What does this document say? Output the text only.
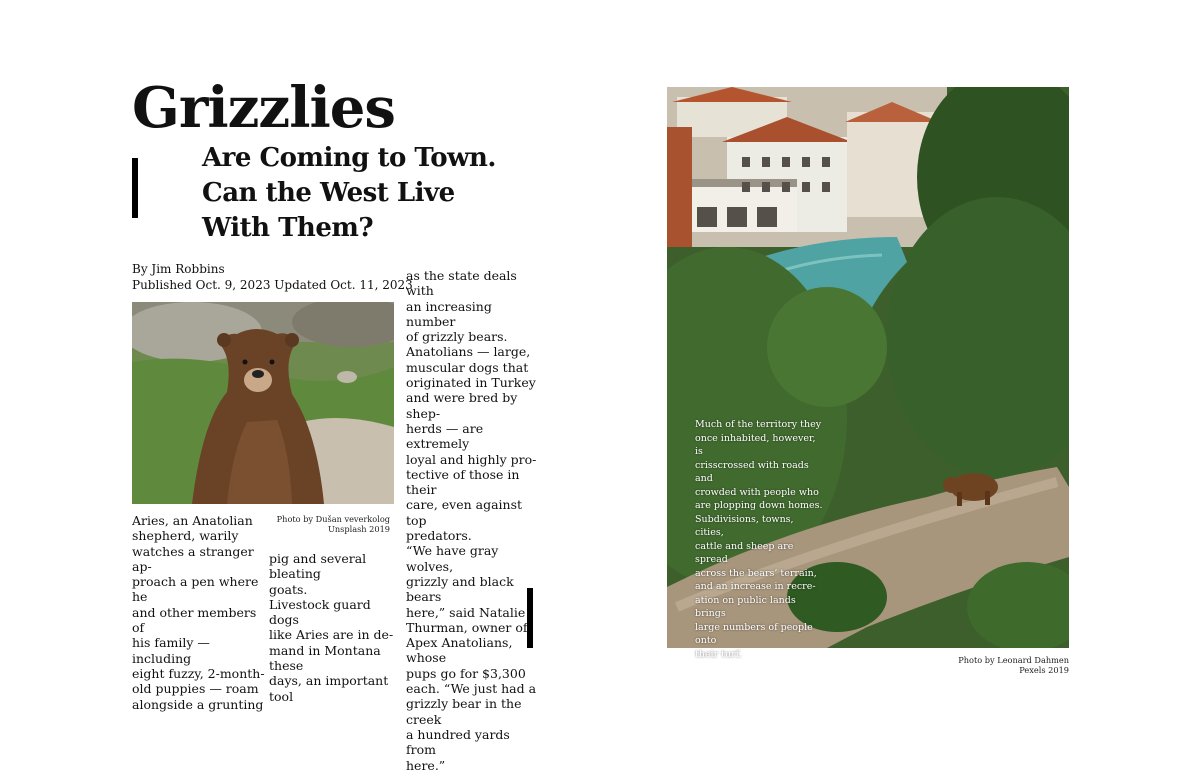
Grizzlies
Are Coming to Town.
Can the West Live
With Them?
By Jim Robbins
Published Oct. 9, 2023 Updated Oct. 11, 2023
Photo by Dušan veverkolog
Unsplash 2019
Aries, an Anatolian
shepherd, warily
watches a stranger ap-
proach a pen where he
and other members of
his family — including
eight fuzzy, 2-month-
old puppies — roam
alongside a grunting
pig and several bleating
goats.
Livestock guard dogs
like Aries are in de-
mand in Montana these
days, an important tool
as the state deals with
an increasing number
of grizzly bears.
Anatolians — large,
muscular dogs that
originated in Turkey
and were bred by shep-
herds — are extremely
loyal and highly pro-
tective of those in their
care, even against top
predators.
“We have gray wolves,
grizzly and black bears
here,” said Natalie
Thurman, owner of
Apex Anatolians, whose
pups go for $3,300
each. “We just had a
grizzly bear in the creek
a hundred yards from
here.”
Much of the territory they
once inhabited, however, is
crisscrossed with roads and
crowded with people who
are plopping down homes.
Subdivisions, towns, cities,
cattle and sheep are spread
across the bears’ terrain,
and an increase in recre-
ation on public lands brings
large numbers of people onto
their turf.
Photo by Leonard Dahmen
Pexels 2019
